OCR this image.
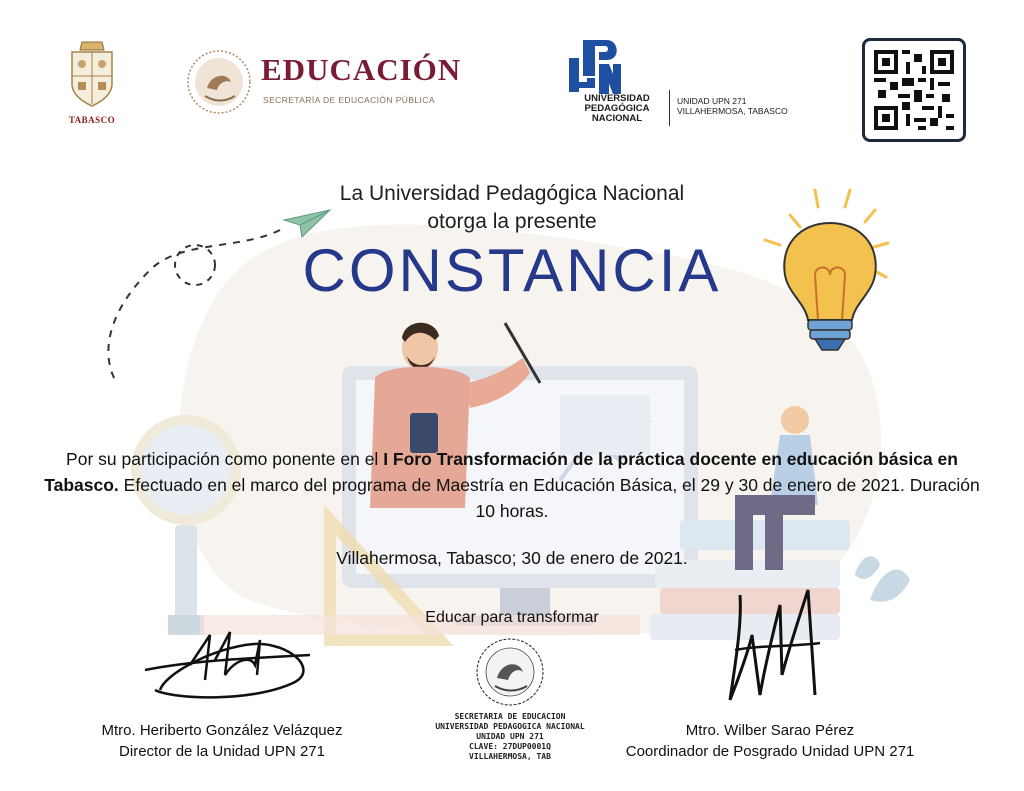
TABASCO
EDUCACIÓN
SECRETARÍA DE EDUCACIÓN PÚBLICA	UNIVERSIDAD
PEDAGÓGICA
NACIONAL
UNIDAD UPN 271
VILLAHERMOSA, TABASCO
La Universidad Pedagógica Nacional
otorga la presente
CONSTANCIA
Por su participación como ponente en el I Foro Transformación de la práctica docente en educación básica en Tabasco. Efectuado en el marco del programa de Maestría en Educación Básica, el 29 y 30 de enero de 2021. Duración 10 horas.
Villahermosa, Tabasco; 30 de enero de 2021.
Educar para transformar
SECRETARIA DE EDUCACION
UNIVERSIDAD PEDAGOGICA NACIONAL
UNIDAD UPN 271
CLAVE: 27DUP0001Q
VILLAHERMOSA, TAB
Mtro. Heriberto González Velázquez
Director de la Unidad UPN 271
Mtro. Wilber Sarao Pérez
Coordinador de Posgrado Unidad UPN 271
